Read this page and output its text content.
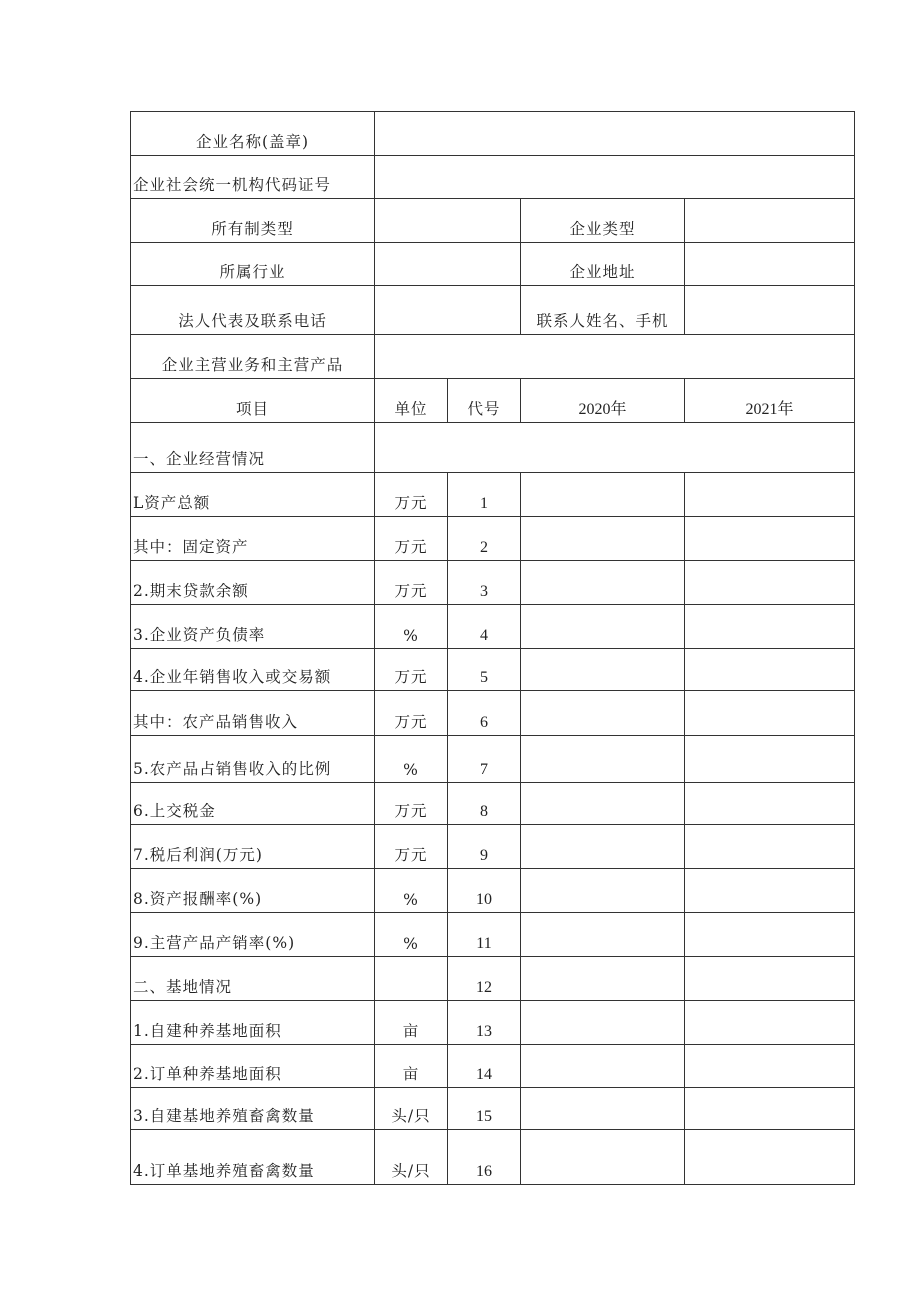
企业名称(盖章)				
企业社会统一机构代码证号				
所有制类型			企业类型	
所属行业			企业地址	
法人代表及联系电话			联系人姓名、手机	
企业主营业务和主营产品				
项目	单位	代号	2020年	2021年
一、企业经营情况				
L资产总额	万元	1		
其中：固定资产	万元	2		
2.期末贷款余额	万元	3		
3.企业资产负债率	%	4		
4.企业年销售收入或交易额	万元	5		
其中：农产品销售收入	万元	6		
5.农产品占销售收入的比例	%	7		
6.上交税金	万元	8		
7.税后利润(万元)	万元	9		
8.资产报酬率(%)	%	10		
9.主营产品产销率(%)	%	11		
二、基地情况		12		
1.自建种养基地面积	亩	13		
2.订单种养基地面积	亩	14		
3.自建基地养殖畜禽数量	头/只	15		
4.订单基地养殖畜禽数量	头/只	16		
